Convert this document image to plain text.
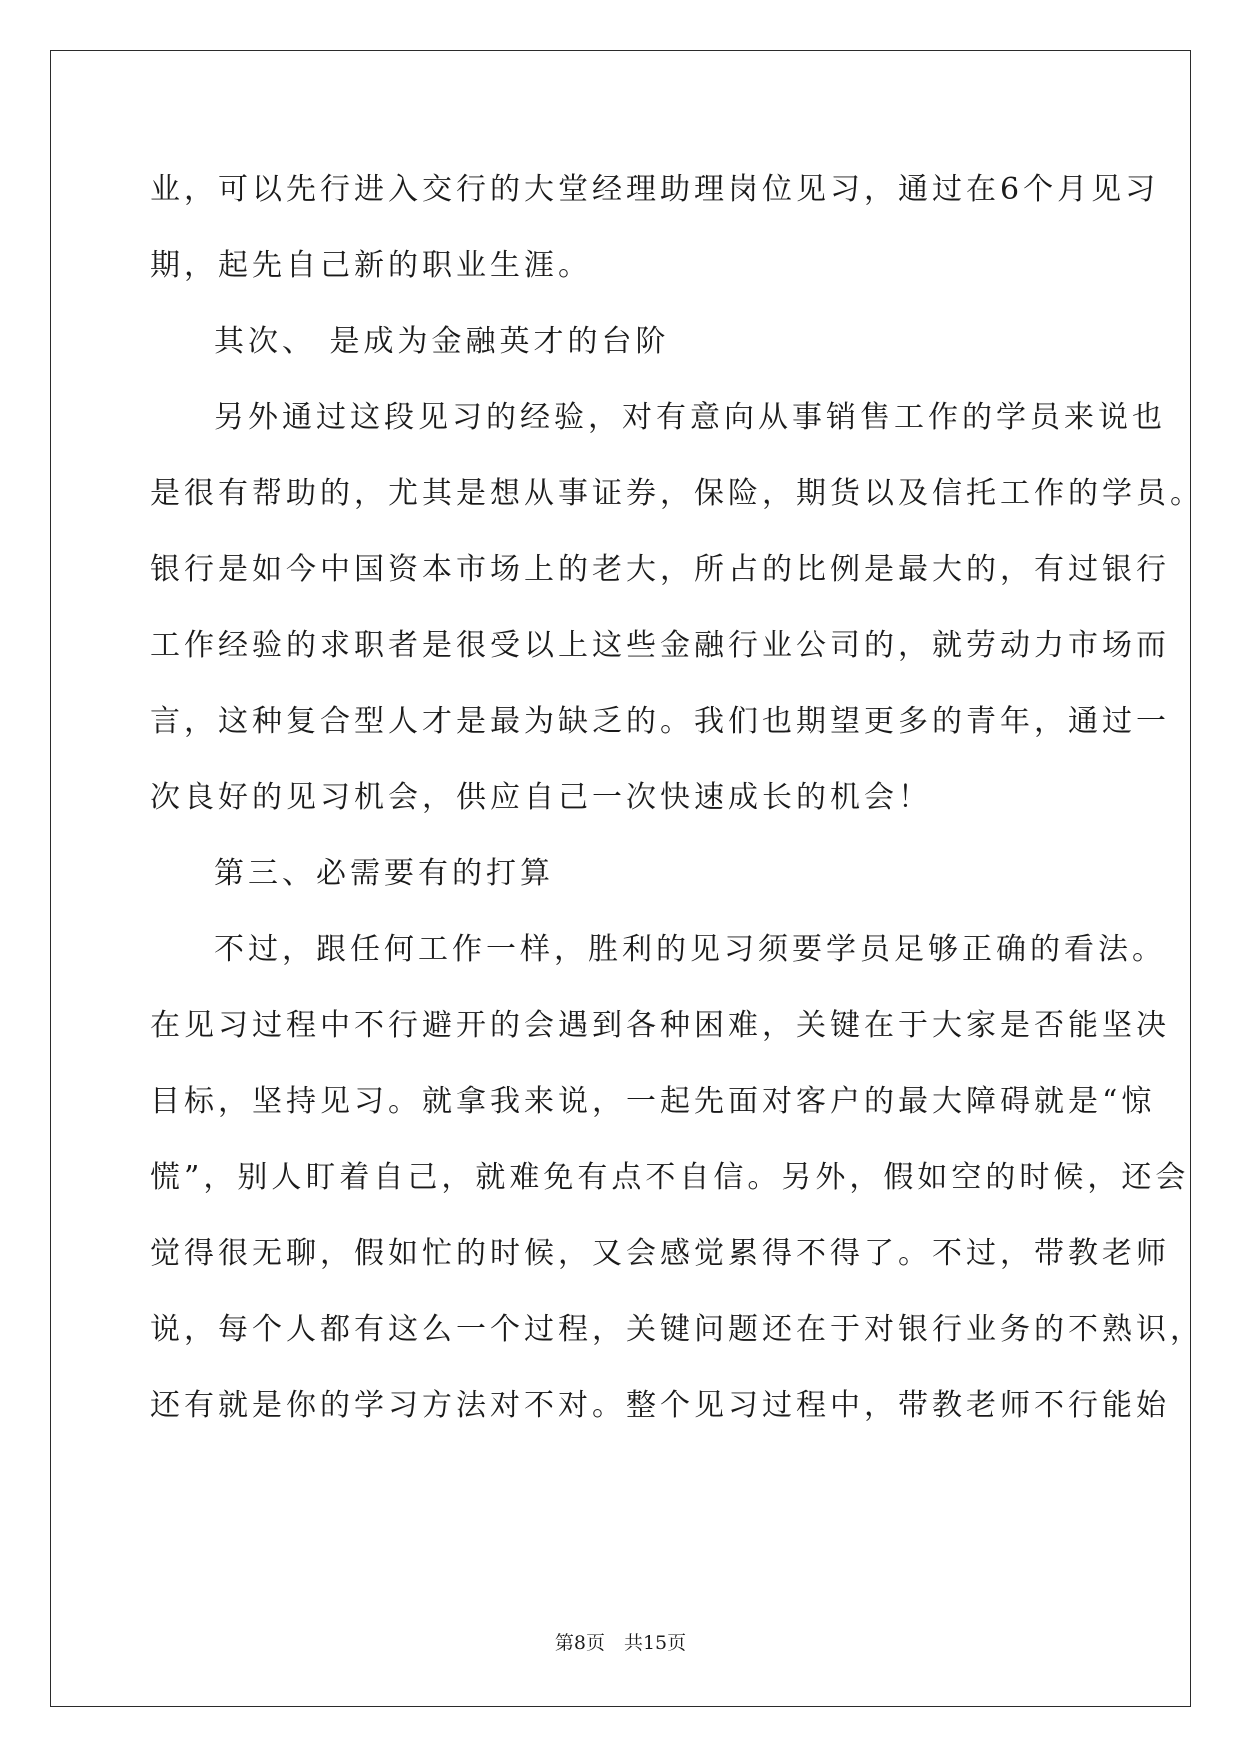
业，可以先行进入交行的大堂经理助理岗位见习，通过在6个月见习
期，起先自己新的职业生涯。
其次、 是成为金融英才的台阶
另外通过这段见习的经验，对有意向从事销售工作的学员来说也
是很有帮助的，尤其是想从事证券，保险，期货以及信托工作的学员。
银行是如今中国资本市场上的老大，所占的比例是最大的，有过银行
工作经验的求职者是很受以上这些金融行业公司的，就劳动力市场而
言，这种复合型人才是最为缺乏的。我们也期望更多的青年，通过一
次良好的见习机会，供应自己一次快速成长的机会！
第三、必需要有的打算
不过，跟任何工作一样，胜利的见习须要学员足够正确的看法。
在见习过程中不行避开的会遇到各种困难，关键在于大家是否能坚决
目标，坚持见习。就拿我来说，一起先面对客户的最大障碍就是“惊
慌”，别人盯着自己，就难免有点不自信。另外，假如空的时候，还会
觉得很无聊，假如忙的时候，又会感觉累得不得了。不过，带教老师
说，每个人都有这么一个过程，关键问题还在于对银行业务的不熟识，
还有就是你的学习方法对不对。整个见习过程中，带教老师不行能始
第8页　共15页
